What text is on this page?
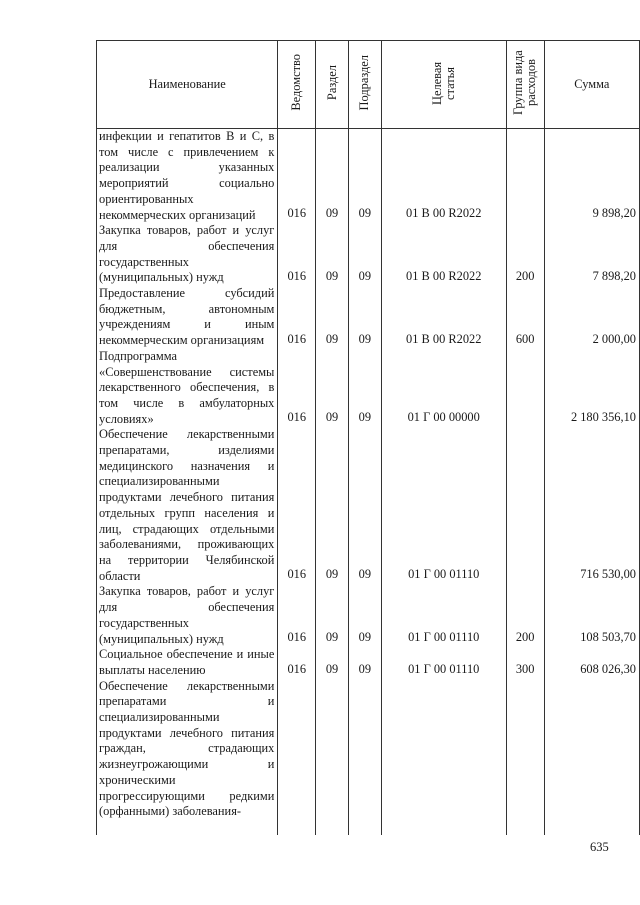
Наименование	Ведомство	Раздел	Подраздел	Целевая статья	Группа вида расходов	Сумма
инфекции и гепатитов В и С, в том числе с привлечением к реализации указанных мероприятий социально ориентированных некоммерческих организаций	016	09	09	01 В 00 R2022		9 898,20
Закупка товаров, работ и услуг для обеспечения государственных (муниципальных) нужд	016	09	09	01 В 00 R2022	200	7 898,20
Предоставление субсидий бюджетным, автономным учреждениям и иным некоммерческим организациям	016	09	09	01 В 00 R2022	600	2 000,00
Подпрограмма «Совершенствование системы лекарственного обеспечения, в том числе в амбулаторных условиях»	016	09	09	01 Г 00 00000		2 180 356,10
Обеспечение лекарственными препаратами, изделиями медицинского назначения и специализированными продуктами лечебного питания отдельных групп населения и лиц, страдающих отдельными заболеваниями, проживающих на территории Челябинской области	016	09	09	01 Г 00 01110		716 530,00
Закупка товаров, работ и услуг для обеспечения государственных (муниципальных) нужд	016	09	09	01 Г 00 01110	200	108 503,70
Социальное обеспечение и иные выплаты населению	016	09	09	01 Г 00 01110	300	608 026,30
Обеспечение лекарственными препаратами и специализированными продуктами лечебного питания граждан, страдающих жизнеугрожающими и хроническими прогрессирующими редкими (орфанными) заболевания-						
635
